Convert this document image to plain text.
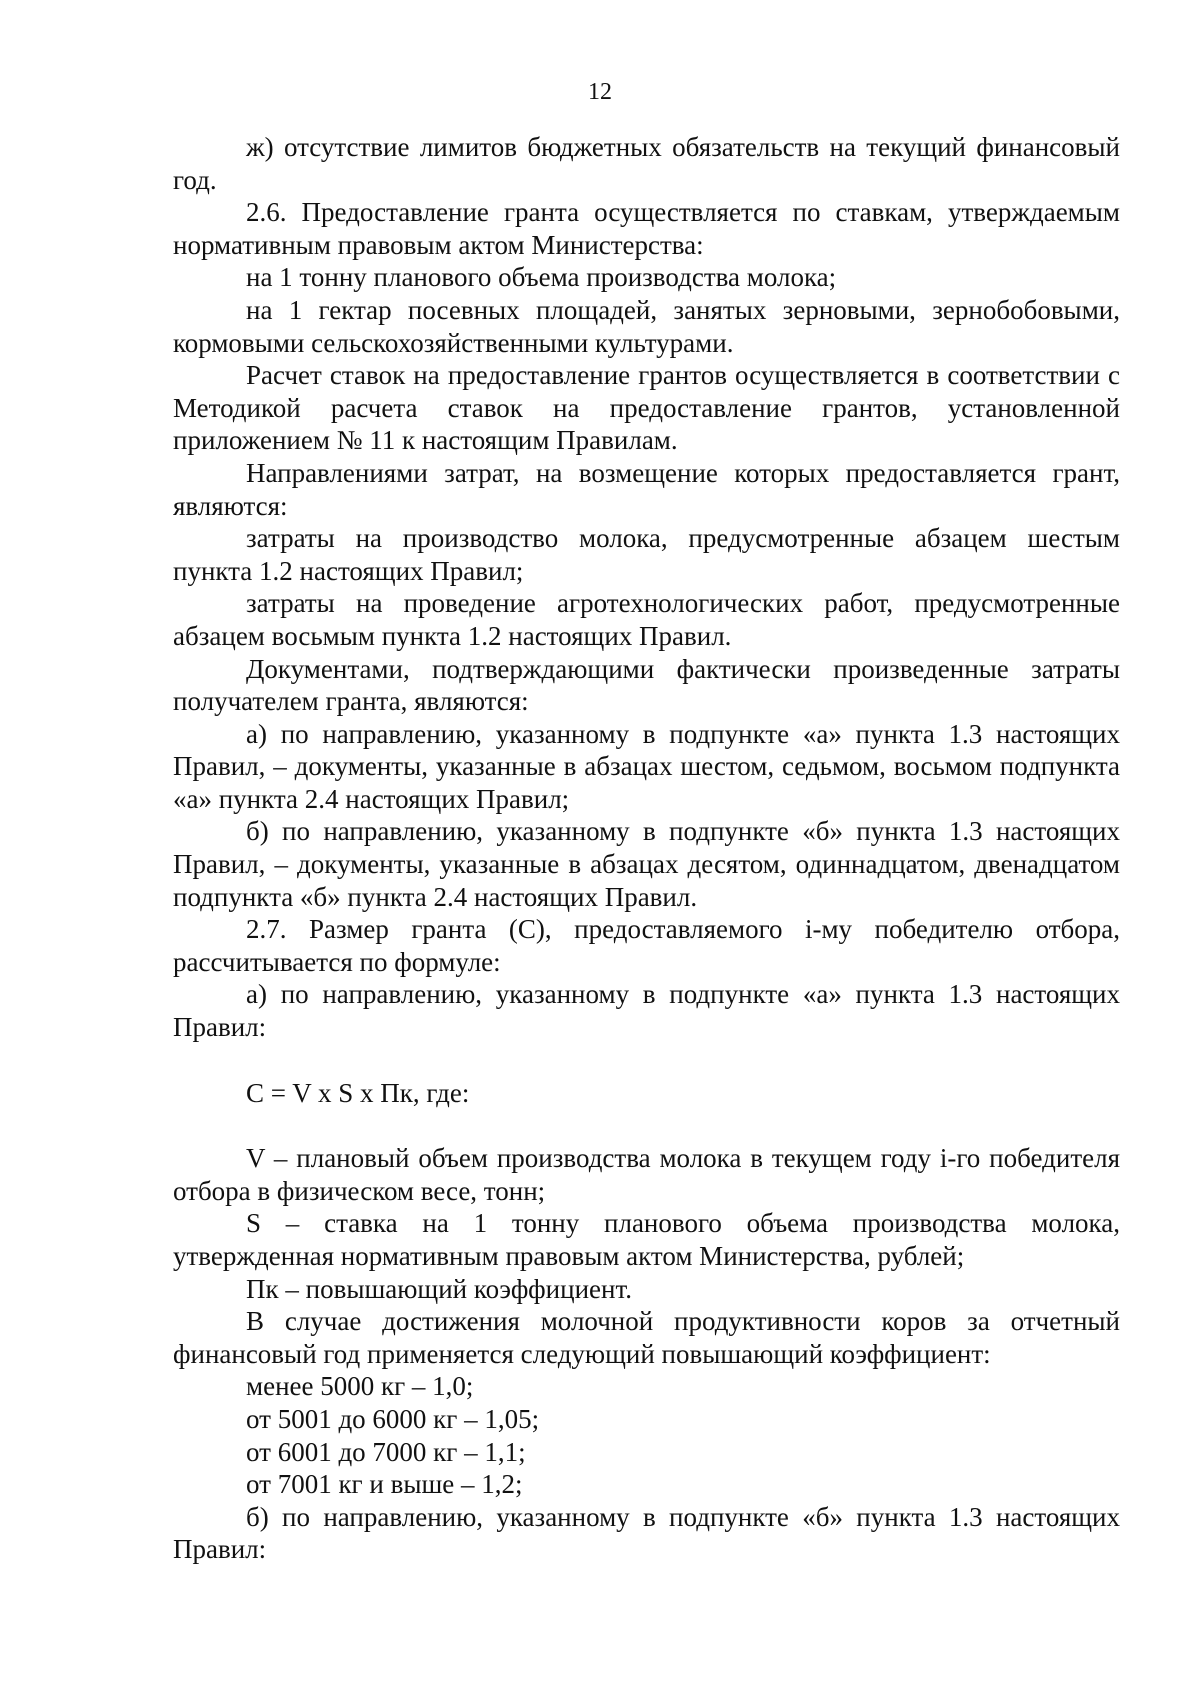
12

ж) отсутствие лимитов бюджетных обязательств на текущий финансовый год.

2.6. Предоставление гранта осуществляется по ставкам, утверждаемым нормативным правовым актом Министерства:

на 1 тонну планового объема производства молока;

на 1 гектар посевных площадей, занятых зерновыми, зернобобовыми, кормовыми сельскохозяйственными культурами.

Расчет ставок на предоставление грантов осуществляется в соответствии с Методикой расчета ставок на предоставление грантов, установленной приложением № 11 к настоящим Правилам.

Направлениями затрат, на возмещение которых предоставляется грант, являются:

затраты на производство молока, предусмотренные абзацем шестым пункта 1.2 настоящих Правил;

затраты на проведение агротехнологических работ, предусмотренные абзацем восьмым пункта 1.2 настоящих Правил.

Документами, подтверждающими фактически произведенные затраты получателем гранта, являются:

а) по направлению, указанному в подпункте «а» пункта 1.3 настоящих Правил, – документы, указанные в абзацах шестом, седьмом, восьмом подпункта «а» пункта 2.4 настоящих Правил;

б) по направлению, указанному в подпункте «б» пункта 1.3 настоящих Правил, – документы, указанные в абзацах десятом, одиннадцатом, двенадцатом подпункта «б» пункта 2.4 настоящих Правил.

2.7. Размер гранта (C), предоставляемого i-му победителю отбора, рассчитывается по формуле:

а) по направлению, указанному в подпункте «а» пункта 1.3 настоящих Правил:

C = V x S x Пк, где:

V – плановый объем производства молока в текущем году i-го победителя отбора в физическом весе, тонн;

S – ставка на 1 тонну планового объема производства молока, утвержденная нормативным правовым актом Министерства, рублей;

Пк – повышающий коэффициент.

В случае достижения молочной продуктивности коров за отчетный финансовый год применяется следующий повышающий коэффициент:

менее 5000 кг – 1,0;

от 5001 до 6000 кг – 1,05;

от 6001 до 7000 кг – 1,1;

от 7001 кг и выше – 1,2;

б) по направлению, указанному в подпункте «б» пункта 1.3 настоящих Правил:
